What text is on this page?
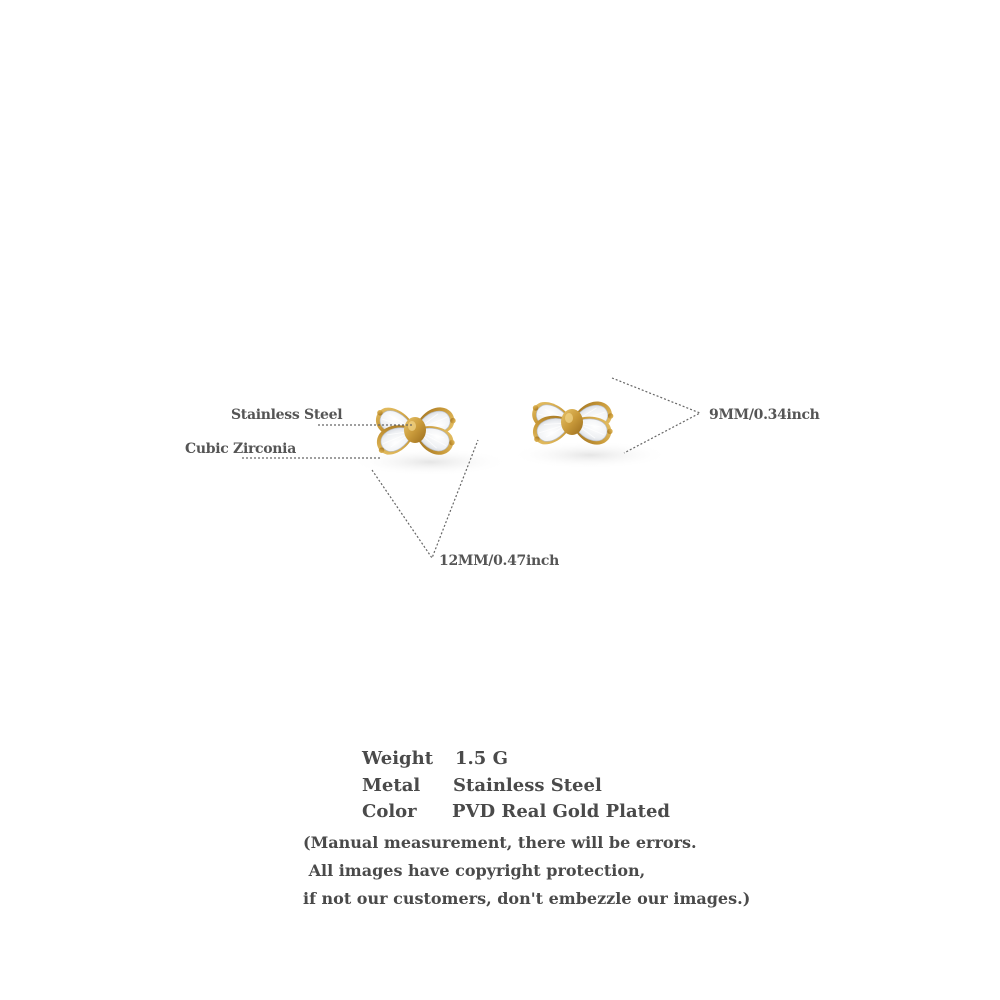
Stainless Steel
Cubic Zirconia
9MM/0.34inch
12MM/0.47inch
Weight 1.5 G
Metal Stainless Steel
Color PVD Real Gold Plated
(Manual measurement, there will be errors.
All images have copyright protection,
if not our customers, don't embezzle our images.)
